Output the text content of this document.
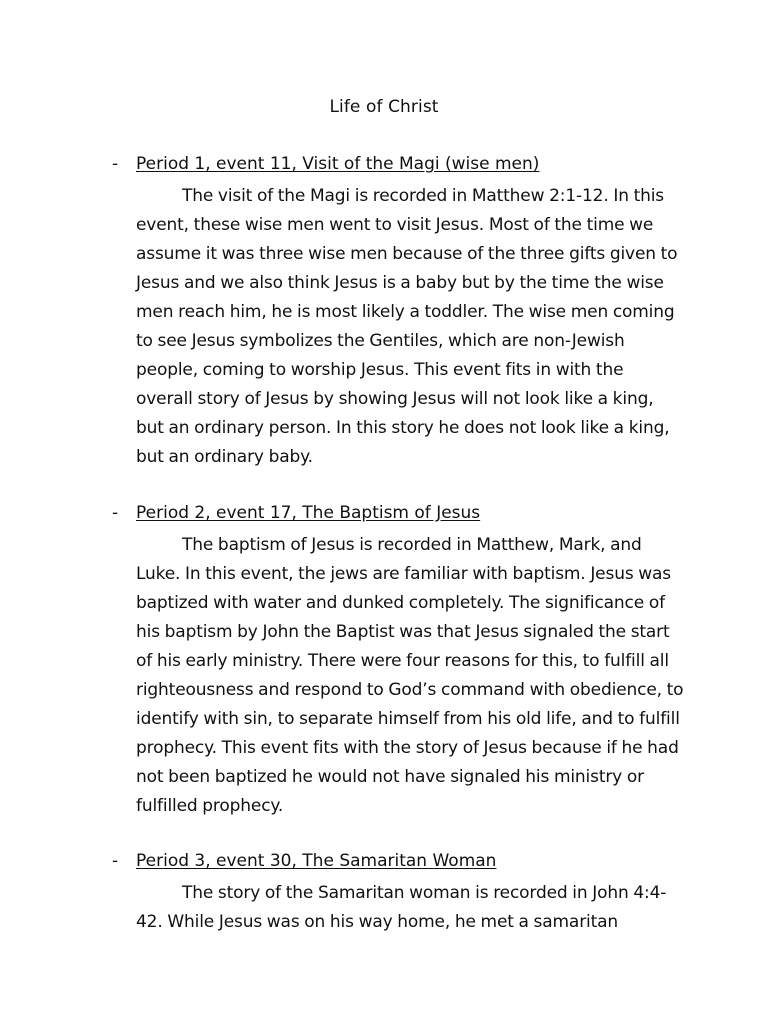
Life of Christ
- Period 1, event 11, Visit of the Magi (wise men)
The visit of the Magi is recorded in Matthew 2:1-12. In this event, these wise men went to visit Jesus. Most of the time we assume it was three wise men because of the three gifts given to Jesus and we also think Jesus is a baby but by the time the wise men reach him, he is most likely a toddler. The wise men coming to see Jesus symbolizes the Gentiles, which are non-Jewish people, coming to worship Jesus. This event fits in with the overall story of Jesus by showing Jesus will not look like a king, but an ordinary person. In this story he does not look like a king, but an ordinary baby.
- Period 2, event 17, The Baptism of Jesus
The baptism of Jesus is recorded in Matthew, Mark, and Luke. In this event, the jews are familiar with baptism. Jesus was baptized with water and dunked completely. The significance of his baptism by John the Baptist was that Jesus signaled the start of his early ministry. There were four reasons for this, to fulfill all righteousness and respond to God’s command with obedience, to identify with sin, to separate himself from his old life, and to fulfill prophecy. This event fits with the story of Jesus because if he had not been baptized he would not have signaled his ministry or fulfilled prophecy.
- Period 3, event 30, The Samaritan Woman
The story of the Samaritan woman is recorded in John 4:4-42. While Jesus was on his way home, he met a samaritan
